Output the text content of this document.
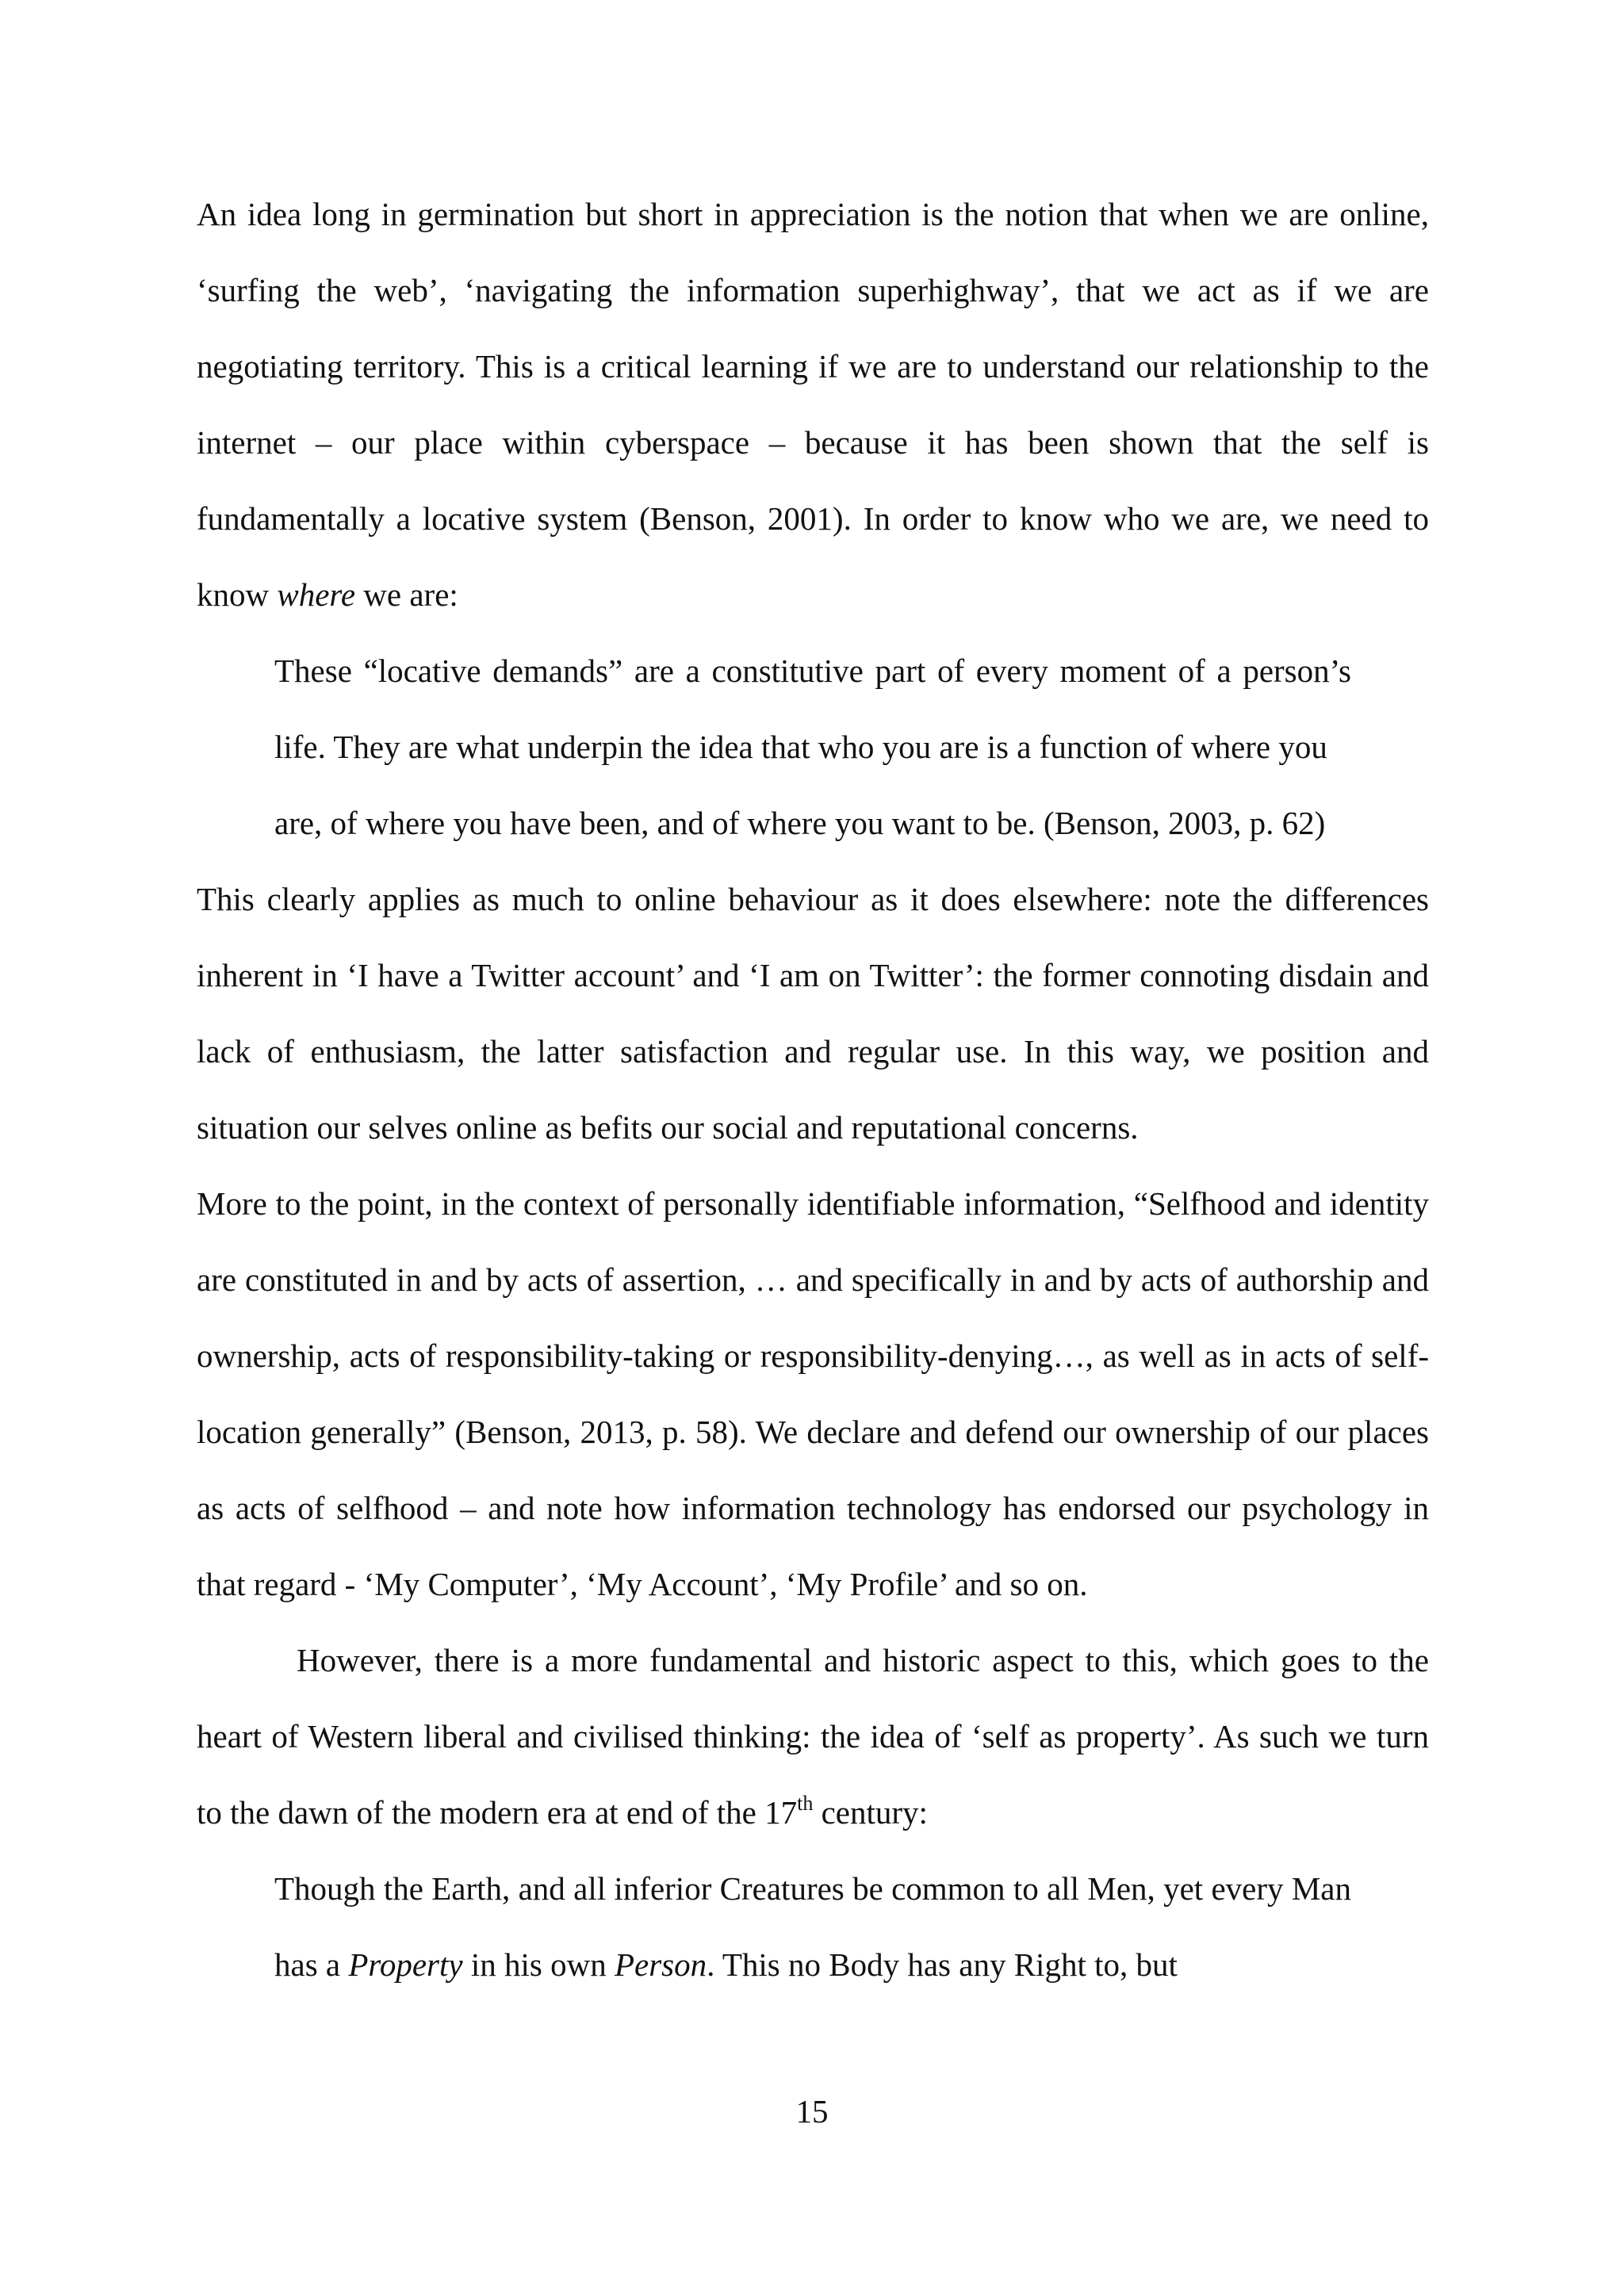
An idea long in germination but short in appreciation is the notion that when we are online, ‘surfing the web’, ‘navigating the information superhighway’, that we act as if we are negotiating territory. This is a critical learning if we are to understand our relationship to the internet – our place within cyberspace – because it has been shown that the self is fundamentally a locative system (Benson, 2001). In order to know who we are, we need to know where we are:

These “locative demands” are a constitutive part of every moment of a person’s life. They are what underpin the idea that who you are is a function of where you

are, of where you have been, and of where you want to be. (Benson, 2003, p. 62)

This clearly applies as much to online behaviour as it does elsewhere: note the differences inherent in ‘I have a Twitter account’ and ‘I am on Twitter’: the former connoting disdain and lack of enthusiasm, the latter satisfaction and regular use. In this way, we position and situation our selves online as befits our social and reputational concerns.

More to the point, in the context of personally identifiable information, “Selfhood and identity are constituted in and by acts of assertion, … and specifically in and by acts of authorship and ownership, acts of responsibility-taking or responsibility-denying…, as well as in acts of self-location generally” (Benson, 2013, p. 58). We declare and defend our ownership of our places as acts of selfhood – and note how information technology has endorsed our psychology in that regard - ‘My Computer’, ‘My Account’, ‘My Profile’ and so on.

However, there is a more fundamental and historic aspect to this, which goes to the heart of Western liberal and civilised thinking: the idea of ‘self as property’. As such we turn to the dawn of the modern era at end of the 17th century:

Though the Earth, and all inferior Creatures be common to all Men, yet every Man has a Property in his own Person. This no Body has any Right to, but

15
